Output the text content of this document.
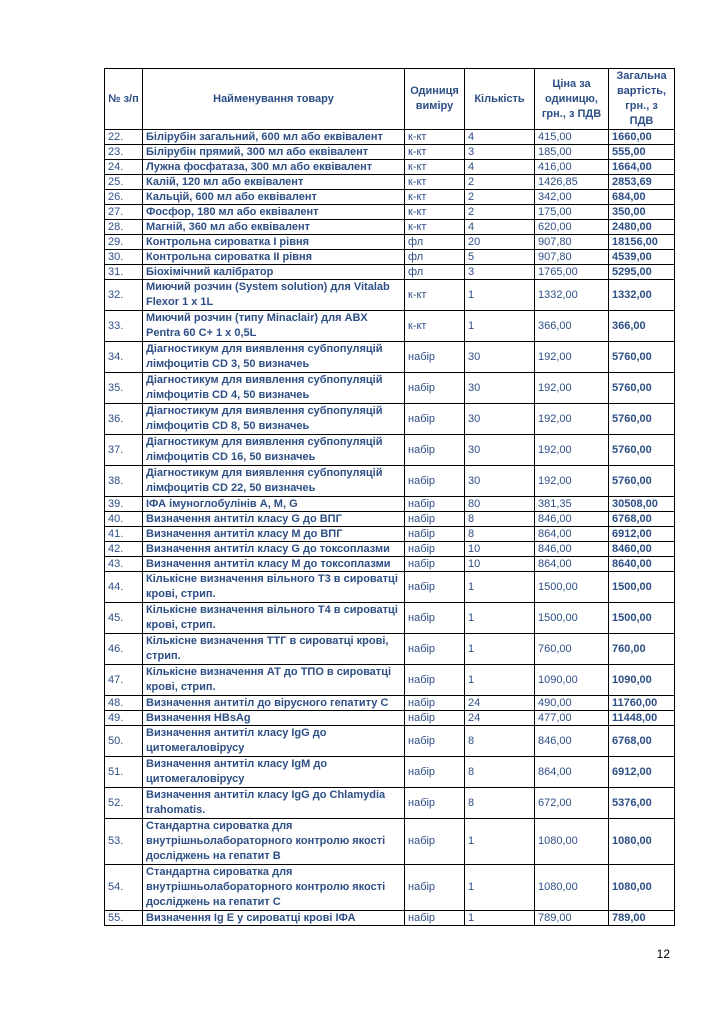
№ з/п	Найменування товару	Одиниця виміру	Кількість	Ціна за одиницю, грн., з ПДВ	Загальна вартість, грн., з ПДВ
22.	Білірубін загальний, 600 мл або еквівалент	к-кт	4	415,00	1660,00
23.	Білірубін прямий, 300 мл або еквівалент	к-кт	3	185,00	555,00
24.	Лужна фосфатаза, 300 мл або еквівалент	к-кт	4	416,00	1664,00
25.	Калій, 120 мл або еквівалент	к-кт	2	1426,85	2853,69
26.	Кальцій, 600 мл або еквівалент	к-кт	2	342,00	684,00
27.	Фосфор, 180 мл або еквівалент	к-кт	2	175,00	350,00
28.	Магній, 360 мл або еквівалент	к-кт	4	620,00	2480,00
29.	Контрольна сироватка І рівня	фл	20	907,80	18156,00
30.	Контрольна сироватка ІІ рівня	фл	5	907,80	4539,00
31.	Біохімічний калібратор	фл	3	1765,00	5295,00
32.	Миючий розчин (System solution) для Vitalab Flexor 1 x 1L	к-кт	1	1332,00	1332,00
33.	Миючий розчин (типу Minaclair) для ABX Pentra 60 C+ 1 x 0,5L	к-кт	1	366,00	366,00
34.	Діагностикум для виявлення субпопуляцій лімфоцитів CD 3, 50 визначеь	набір	30	192,00	5760,00
35.	Діагностикум для виявлення субпопуляцій лімфоцитів CD 4, 50 визначеь	набір	30	192,00	5760,00
36.	Діагностикум для виявлення субпопуляцій лімфоцитів CD 8, 50 визначеь	набір	30	192,00	5760,00
37.	Діагностикум для виявлення субпопуляцій лімфоцитів CD 16, 50 визначеь	набір	30	192,00	5760,00
38.	Діагностикум для виявлення субпопуляцій лімфоцитів CD 22, 50 визначеь	набір	30	192,00	5760,00
39.	ІФА імуноглобулінів A, M, G	набір	80	381,35	30508,00
40.	Визначення антитіл класу G до ВПГ	набір	8	846,00	6768,00
41.	Визначення антитіл класу M до ВПГ	набір	8	864,00	6912,00
42.	Визначення антитіл класу G до токсоплазми	набір	10	846,00	8460,00
43.	Визначення антитіл класу M до токсоплазми	набір	10	864,00	8640,00
44.	Кількісне визначення вільного Т3 в сироватці крові, стрип.	набір	1	1500,00	1500,00
45.	Кількісне визначення вільного Т4 в сироватці крові, стрип.	набір	1	1500,00	1500,00
46.	Кількісне визначення ТТГ в сироватці крові, стрип.	набір	1	760,00	760,00
47.	Кількісне визначення АТ до ТПО в сироватці крові, стрип.	набір	1	1090,00	1090,00
48.	Визначення антитіл до вірусного гепатиту С	набір	24	490,00	11760,00
49.	Визначення HBsAg	набір	24	477,00	11448,00
50.	Визначення антитіл класу IgG до цитомегаловірусу	набір	8	846,00	6768,00
51.	Визначення антитіл класу IgM до цитомегаловірусу	набір	8	864,00	6912,00
52.	Визначення антитіл класу IgG до Chlamydia trahomatis.	набір	8	672,00	5376,00
53.	Стандартна сироватка для внутрішньолабораторного контролю якості досліджень на гепатит В	набір	1	1080,00	1080,00
54.	Стандартна сироватка для внутрішньолабораторного контролю якості досліджень на гепатит С	набір	1	1080,00	1080,00
55.	Визначення Ig E у сироватці крові ІФА	набір	1	789,00	789,00
12
